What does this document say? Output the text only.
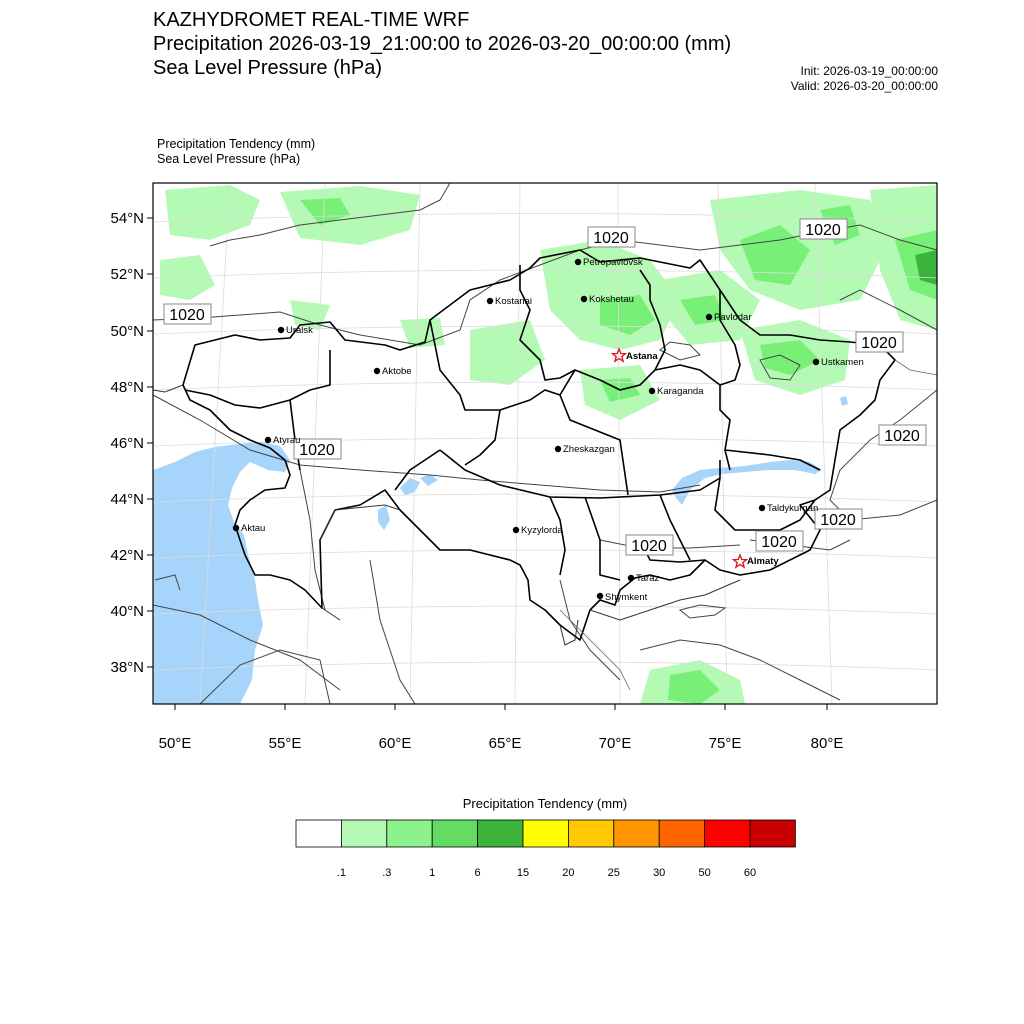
KAZHYDROMET REAL-TIME WRF
Precipitation 2026-03-19_21:00:00 to 2026-03-20_00:00:00 (mm)
Sea Level Pressure (hPa)	Init: 2026-03-19_00:00:00
Valid: 2026-03-20_00:00:00
Precipitation Tendency (mm)
Sea Level Pressure (hPa)
50°E	55°E	60°E	65°E	70°E	75°E	80°E
54°N
52°N
50°N
48°N
46°N
44°N
42°N
40°N
38°N
1020	1020
1020
1020
1020
1020
1020
1020	1020
Petropavlovsk
Kostanai	Kokshetau
Pavlodar
Uralsk
Astana
Ustkamen
Aktobe
Karaganda
Atyrau
Zheskazgan
Taldykurgan
Aktau	Kyzylorda
Almaty
Taraz
Shymkent
Precipitation Tendency (mm)
.1	.3	1	6	15	20	25	30	50	60
